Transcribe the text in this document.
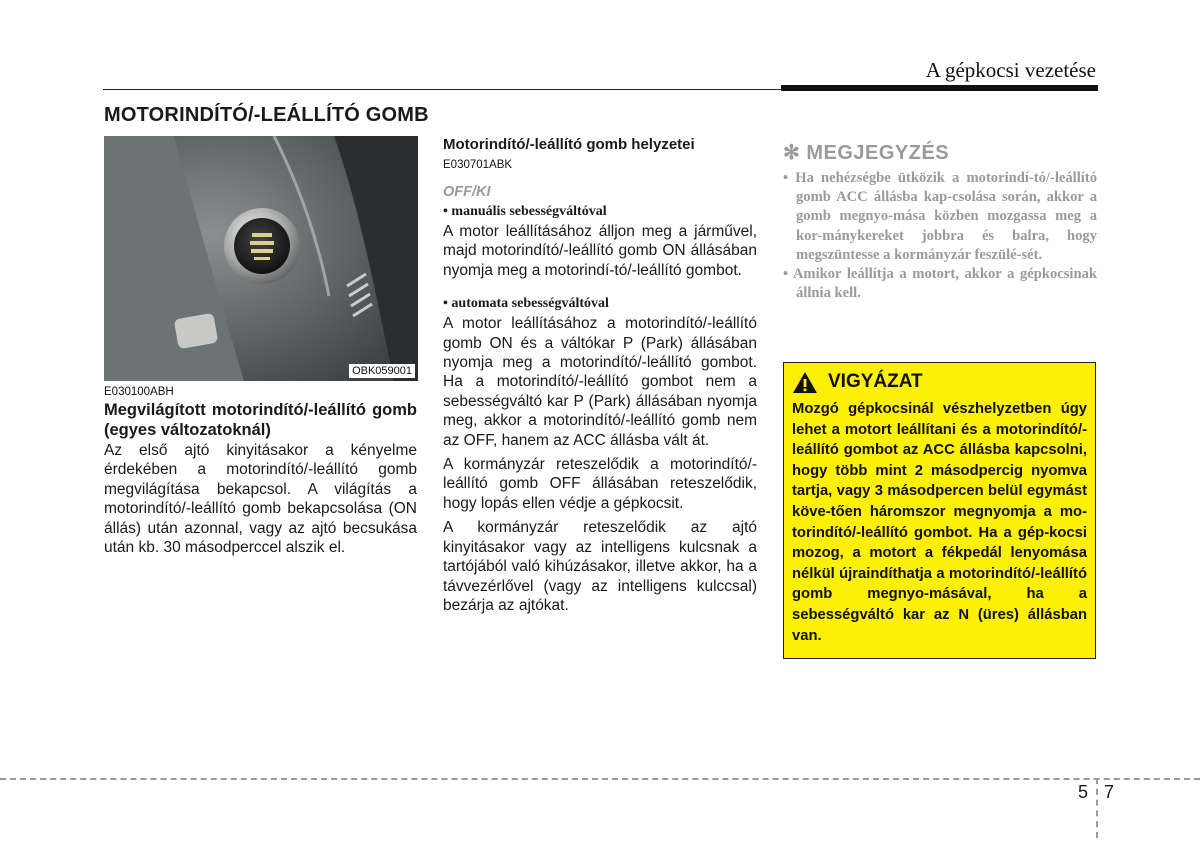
A gépkocsi vezetése
MOTORINDÍTÓ/-LEÁLLÍTÓ GOMB
OBK059001
E030100ABH
Megvilágított motorindító/-leállító gomb (egyes változatoknál)

Az első ajtó kinyitásakor a kényelme érdekében a motorindító/-leállító gomb megvilágítása bekapcsol. A világítás a motorindító/-leállító gomb bekapcsolása (ON állás) után azonnal, vagy az ajtó becsukása után kb. 30 másodperccel alszik el.

Motorindító/-leállító gomb helyzetei
E030701ABK
OFF/KI
• manuális sebességváltóval

A motor leállításához álljon meg a járművel, majd motorindító/-leállító gomb ON állásában nyomja meg a motorindí-tó/-leállító gombot.

• automata sebességváltóval

A motor leállításához a motorindító/-leállító gomb ON és a váltókar P (Park) állásában nyomja meg a motorindító/-leállító gombot. Ha a motorindító/-leállító gombot nem a sebességváltó kar P (Park) állásában nyomja meg, akkor a motorindító/-leállító gomb nem az OFF, hanem az ACC állásba vált át.

A kormányzár reteszelődik a motorindító/-leállító gomb OFF állásában reteszelődik, hogy lopás ellen védje a gépkocsit.

A kormányzár reteszelődik az ajtó kinyitásakor vagy az intelligens kulcsnak a tartójából való kihúzásakor, illetve akkor, ha a távvezérlővel (vagy az intelligens kulccsal) bezárja az ajtókat.

✻ MEGJEGYZÉS

• Ha nehézségbe ütközik a motorindí-tó/-leállító gomb ACC állásba kap-csolása során, akkor a gomb megnyo-mása közben mozgassa meg a kor-mánykereket jobbra és balra, hogy megszüntesse a kormányzár feszülé-sét.

• Amikor leállítja a motort, akkor a gépkocsinak állnia kell.

VIGYÁZAT
Mozgó gépkocsinál vészhelyzetben úgy lehet a motort leállítani és a motorindító/-leállító gombot az ACC állásba kapcsolni, hogy több mint 2 másodpercig nyomva tartja, vagy 3 másodpercen belül egymást köve-tően háromszor megnyomja a mo-torindító/-leállító gombot. Ha a gép-kocsi mozog, a motort a fékpedál lenyomása nélkül újraindíthatja a motorindító/-leállító gomb megnyo-másával, ha a sebességváltó kar az N (üres) állásban van.
5 7
